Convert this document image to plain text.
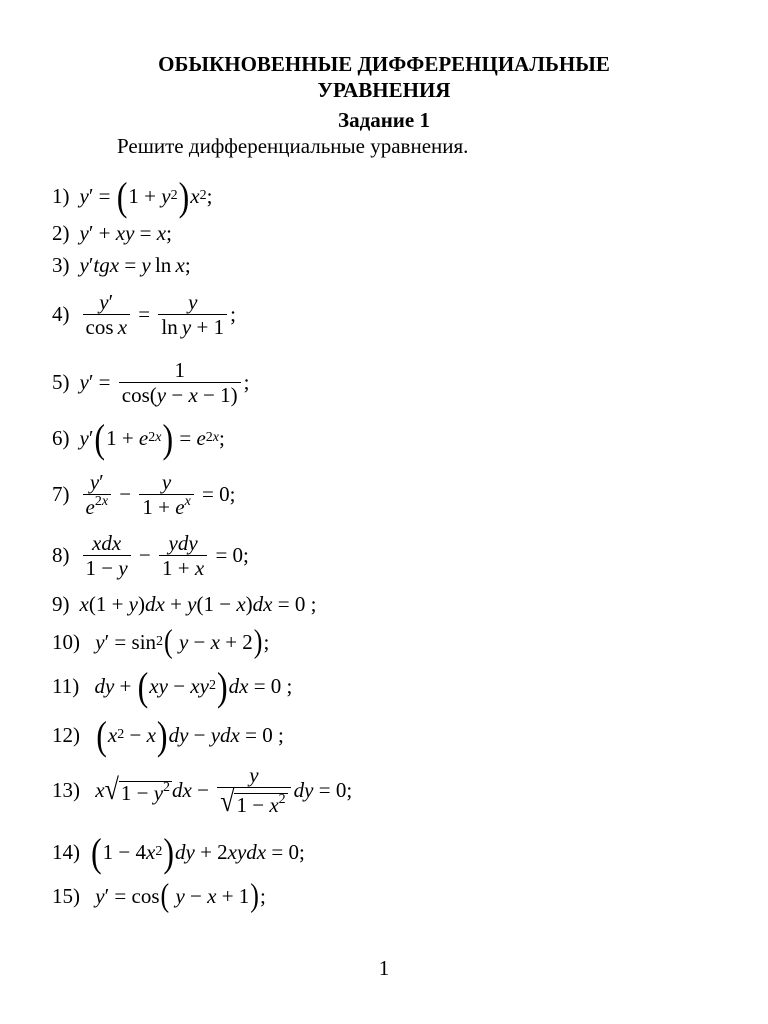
ОБЫКНОВЕННЫЕ ДИФФЕРЕНЦИАЛЬНЫЕ
УРАВНЕНИЯ
Задание 1
Решите дифференциальные уравнения.
1) y ′ = ( 1 + y 2 ) x 2 ;
2) y ′ + xy = x ;
3) y ′ tgx = y  ln  x ;
$4) \frac{y'}{\text{cos x}} = \frac{y}{\text{ln y + 1}}$ ;
5) y ′ = $\frac{1}{\cos(y - x - 1)}$ ;
6) y ′ ( 1 + e 2x ) = e 2x ;
$7) \frac{y'}{e^{2x}} - \frac{y}{1 + e^x} = 0$;
$8) \frac{\text{xdx}}{1 - y} - \frac{\text{ydy}}{1 + x} = 0$;
9) x (1 + y ) dx + y (1 − x ) dx = 0 ;
10)
y ′ = sin 2 (
y − x + 2 ) ;
11)
dy + ( xy − xy 2 ) dx = 0 ;
12)
( x 2 − x ) dy − ydx = 0 ;
13)
x √ $1 - y^2$ dx − $\frac{y}{√ 1 - x^2}$ dy = 0;
14) ( 1 − 4 x 2 ) dy + 2 xydx = 0;
15)
y ′ = cos (
y − x + 1 ) ;
1
